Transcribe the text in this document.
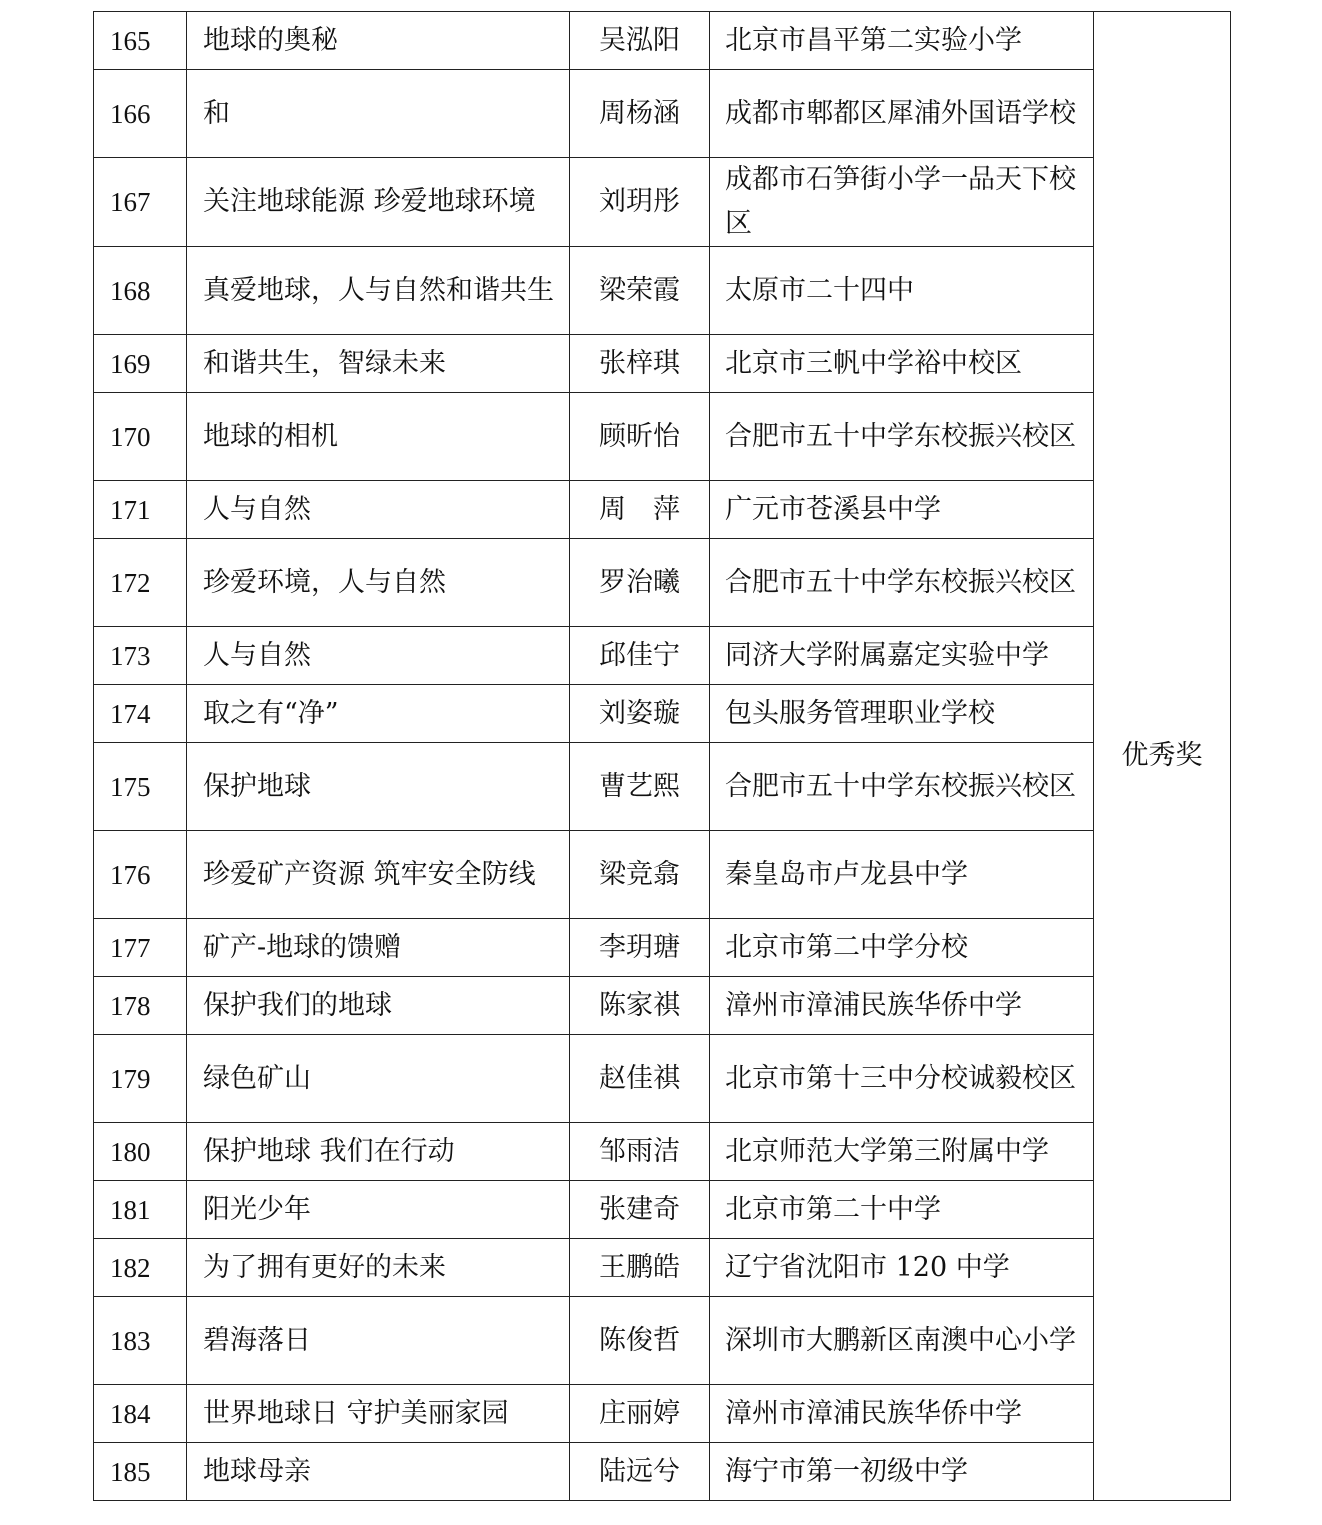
165	地球的奥秘	吴泓阳	北京市昌平第二实验小学	优秀奖
166	和	周杨涵	成都市郫都区犀浦外国语学校	
167	关注地球能源 珍爱地球环境	刘玥彤	成都市石笋街小学一品天下校区	
168	真爱地球，人与自然和谐共生	梁荣霞	太原市二十四中	
169	和谐共生，智绿未来	张梓琪	北京市三帆中学裕中校区	
170	地球的相机	顾昕怡	合肥市五十中学东校振兴校区	
171	人与自然	周　萍	广元市苍溪县中学	
172	珍爱环境，人与自然	罗治曦	合肥市五十中学东校振兴校区	
173	人与自然	邱佳宁	同济大学附属嘉定实验中学	
174	取之有“净”	刘姿璇	包头服务管理职业学校	
175	保护地球	曹艺熙	合肥市五十中学东校振兴校区	
176	珍爱矿产资源 筑牢安全防线	梁竞翕	秦皇岛市卢龙县中学	
177	矿产-地球的馈赠	李玥瑭	北京市第二中学分校	
178	保护我们的地球	陈家祺	漳州市漳浦民族华侨中学	
179	绿色矿山	赵佳祺	北京市第十三中分校诚毅校区	
180	保护地球 我们在行动	邹雨洁	北京师范大学第三附属中学	
181	阳光少年	张建奇	北京市第二十中学	
182	为了拥有更好的未来	王鹏皓	辽宁省沈阳市 120 中学	
183	碧海落日	陈俊哲	深圳市大鹏新区南澳中心小学	
184	世界地球日 守护美丽家园	庄丽婷	漳州市漳浦民族华侨中学	
185	地球母亲	陆远兮	海宁市第一初级中学	
